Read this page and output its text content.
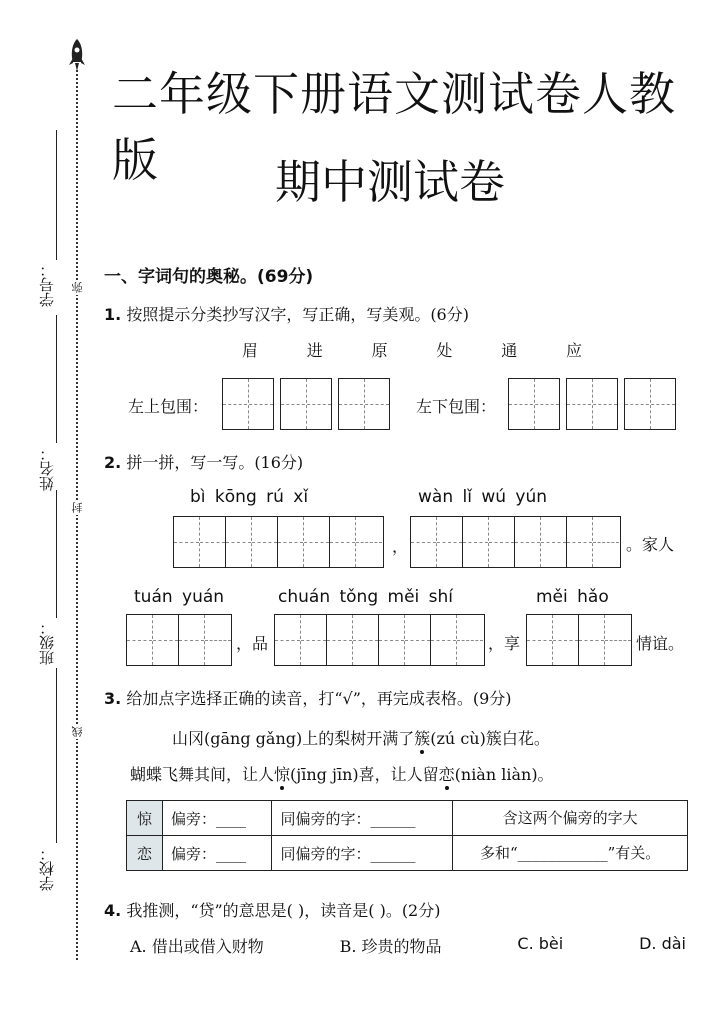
学号：
姓名：
班级：
学校：
弥
封
线
二年级下册语文测试卷人教版	期中测试卷
一、字词句的奥秘。(69分)
1. 按照提示分类抄写汉字，写正确，写美观。(6分)
眉	进	原	处	通	应
左上包围：	左下包围：
2. 拼一拼，写一写。(16分)
bì kōng rú xǐ	wàn lǐ wú yún
，	。家人
tuán yuán	chuán tǒng měi shí	měi hǎo
，品	，享	情谊。
3. 给加点字选择正确的读音，打“√”，再完成表格。(9分)
山冈(gāng gǎng)上的梨树开满了簇(zú cù)簇白花。
蝴蝶飞舞其间，让人惊(jīng jīn)喜，让人留恋(niàn liàn)。
惊	偏旁：____	同偏旁的字：______	含这两个偏旁的字大
恋	偏旁：____	同偏旁的字：______	多和“____________”有关。
4. 我推测，“贷”的意思是( )，读音是( )。(2分)
A. 借出或借入财物	B. 珍贵的物品	C. bèi	D. dài
